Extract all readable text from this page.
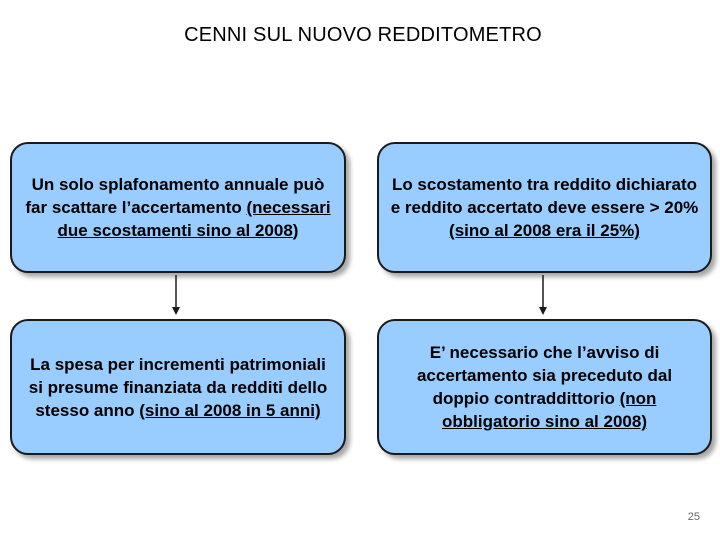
CENNI SUL NUOVO REDDITOMETRO
Un solo splafonamento annuale può far scattare l’accertamento (necessari due scostamenti sino al 2008)
Lo scostamento tra reddito dichiarato e reddito accertato deve essere > 20% (sino al 2008 era il 25%)
La spesa per incrementi patrimoniali si presume finanziata da redditi dello stesso anno (sino al 2008 in 5 anni)
E’ necessario che l’avviso di accertamento sia preceduto dal doppio contraddittorio (non obbligatorio sino al 2008)
25
